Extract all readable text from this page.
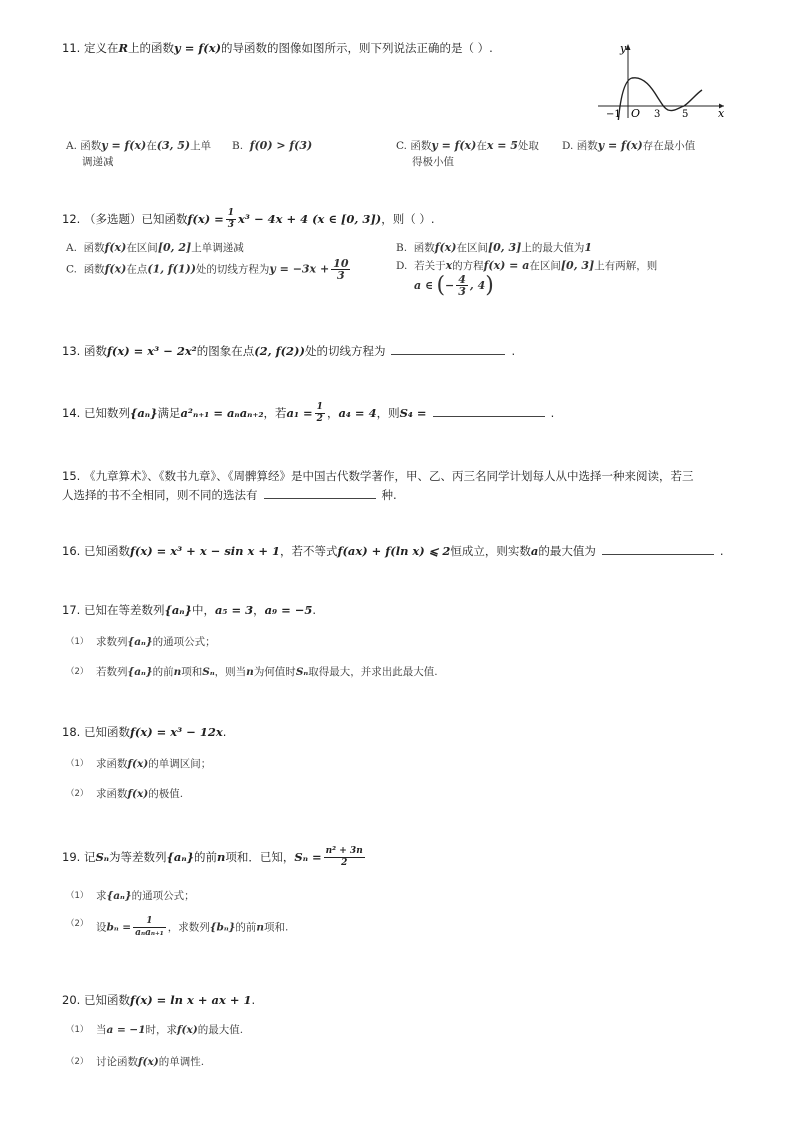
11. 定义在R上的函数y = f(x)的导函数的图像如图所示，则下列说法正确的是（ ）.	y
x
O
−1	3 5
A. 函数y = f(x)在(3, 5)上单
调递减
B. f(0) > f(3)	C. 函数y = f(x)在x = 5处取
得极小值
D. 函数y = f(x)存在最小值
12. （多选题）已知函数$f(x) = \frac{1}{3} x^3 - 4x + 4$ (x ∈ [0, 3])，则（ ）.
A. 函数f(x)在区间[0, 2]上单调递减	B. 函数f(x)在区间[0, 3]上的最大值为1
C. 函数f(x)在点(1, f(1))处的切线方程为$y = -3x + \frac{10}{3}$	D. 若关于x的方程f(x) = a在区间[0, 3]上有两解，则
a ∈ (− $\frac{4}{3}$ , 4)
13. 函数f(x) = x³ − 2x²的图象在点(2, f(2))处的切线方程为	.
14. 已知数列{aₙ}满足a²ₙ₊₁ = aₙaₙ₊₂，若$a_1 = \frac{1}{2}$ ，a₄ = 4，则S₄ =	.
15. 《九章算术》、《数书九章》、《周髀算经》是中国古代数学著作，甲、乙、丙三名同学计划每人从中选择一种来阅读，若三
人选择的书不全相同，则不同的选法有	种.
16. 已知函数f(x) = x³ + x − sin x + 1，若不等式f(ax) + f(ln x) ⩽ 2恒成立，则实数a的最大值为	.
17. 已知在等差数列{aₙ}中，a₅ = 3，a₉ = −5.
（1） 求数列{aₙ}的通项公式；
（2） 若数列{aₙ}的前n项和Sₙ，则当n为何值时Sₙ取得最大，并求出此最大值.
18. 已知函数f(x) = x³ − 12x.
（1） 求函数f(x)的单调区间；
（2） 求函数f(x)的极值.
19. 记Sₙ为等差数列{aₙ}的前n项和．已知，$S_n = \frac{\text{n² + 3n}}{2}$
（1） 求{aₙ}的通项公式；
（2） 设$b_n = \frac{1}{\text{aₙaₙ₊₁}}$ ，求数列{bₙ}的前n项和.
20. 已知函数f(x) = ln x + ax + 1.
（1） 当a = −1时，求f(x)的最大值.
（2） 讨论函数f(x)的单调性.
